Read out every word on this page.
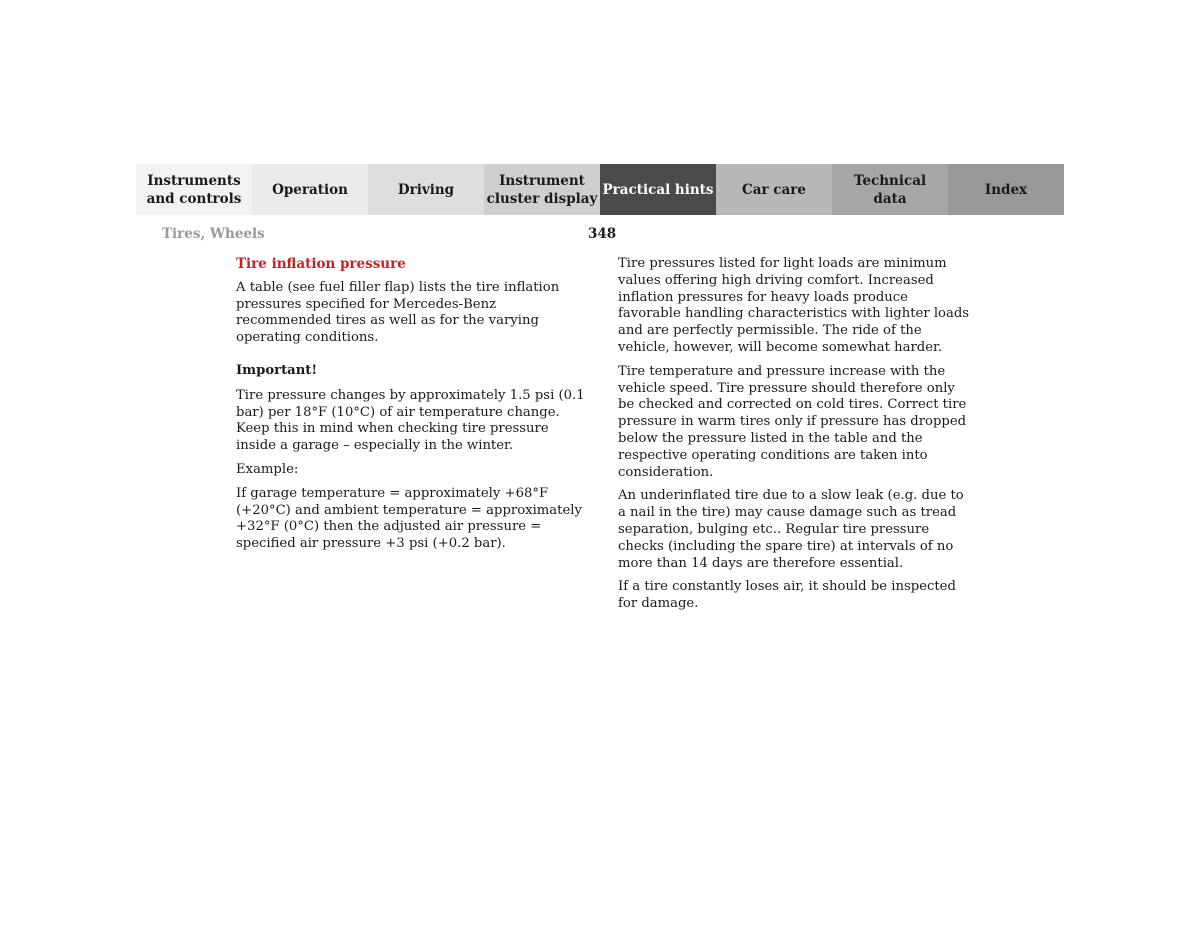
Instruments
and controls
Operation	Driving
Instrument
cluster display
Practical hints Car care
Technical
data
Index
Tires, Wheels	348

Tire inflation pressure

A table (see fuel filler flap) lists the tire inflation pressures specified for Mercedes-Benz recommended tires as well as for the varying operating conditions.

Important!

Tire pressure changes by approximately 1.5 psi (0.1 bar) per 18°F (10°C) of air temperature change. Keep this in mind when checking tire pressure inside a garage – especially in the winter.

Example:

If garage temperature = approximately +68°F (+20°C) and ambient temperature = approximately +32°F (0°C) then the adjusted air pressure = specified air pressure +3 psi (+0.2 bar).

Tire pressures listed for light loads are minimum values offering high driving comfort. Increased inflation pressures for heavy loads produce favorable handling characteristics with lighter loads and are perfectly permissible. The ride of the vehicle, however, will become somewhat harder.

Tire temperature and pressure increase with the vehicle speed. Tire pressure should therefore only be checked and corrected on cold tires. Correct tire pressure in warm tires only if pressure has dropped below the pressure listed in the table and the respective operating conditions are taken into consideration.

An underinflated tire due to a slow leak (e.g. due to a nail in the tire) may cause damage such as tread separation, bulging etc.. Regular tire pressure checks (including the spare tire) at intervals of no more than 14 days are therefore essential.

If a tire constantly loses air, it should be inspected for damage.
